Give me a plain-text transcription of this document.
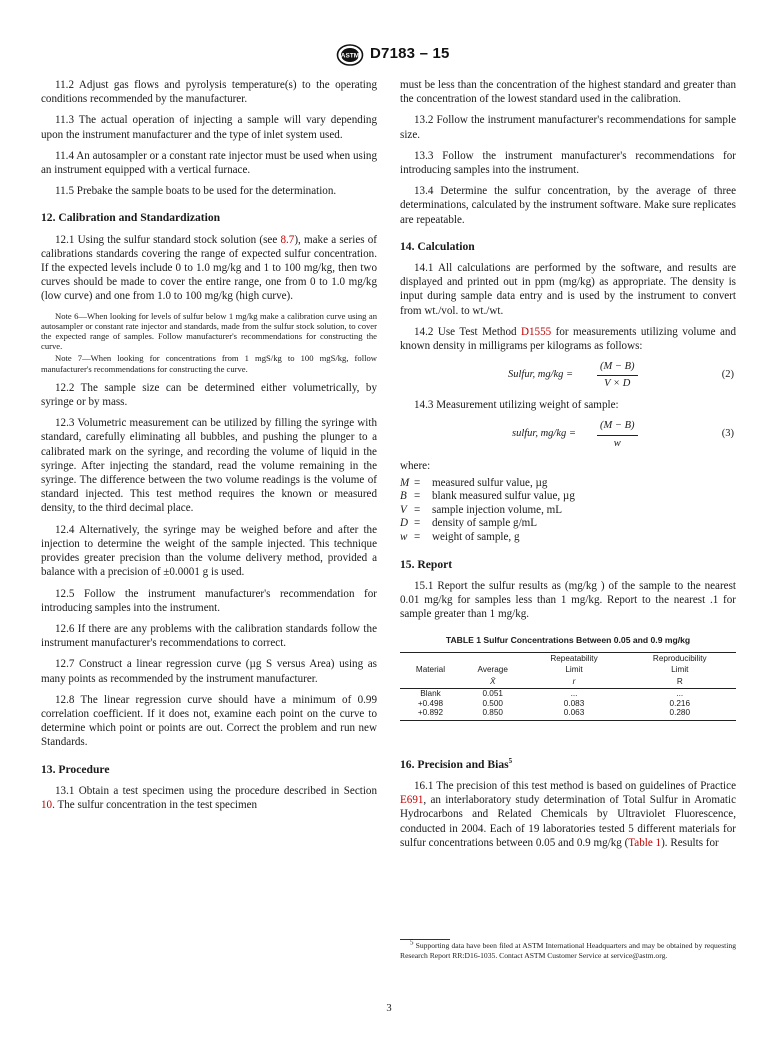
ASTM D7183 – 15

11.2 Adjust gas flows and pyrolysis temperature(s) to the operating conditions recommended by the manufacturer.

11.3 The actual operation of injecting a sample will vary depending upon the instrument manufacturer and the type of inlet system used.

11.4 An autosampler or a constant rate injector must be used when using an instrument equipped with a vertical furnace.

11.5 Prebake the sample boats to be used for the determination.

12. Calibration and Standardization

12.1 Using the sulfur standard stock solution (see 8.7), make a series of calibrations standards covering the range of expected sulfur concentration. If the expected levels include 0 to 1.0 mg/kg and 1 to 100 mg/kg, then two curves should be made to cover the entire range, one from 0 to 1.0 mg/kg (low curve) and one from 1.0 to 100 mg/kg (high curve).

Note 6—When looking for levels of sulfur below 1 mg/kg make a calibration curve using an autosampler or constant rate injector and standards, made from the sulfur stock solution, to cover the expected range of samples. Follow manufacturer's recommendations for constructing the curve.

Note 7—When looking for concentrations from 1 mgS/kg to 100 mgS/kg, follow manufacturer's recommendations for constructing the curve.

12.2 The sample size can be determined either volumetrically, by syringe or by mass.

12.3 Volumetric measurement can be utilized by filling the syringe with standard, carefully eliminating all bubbles, and pushing the plunger to a calibrated mark on the syringe, and recording the volume of liquid in the syringe. After injecting the standard, read the volume remaining in the syringe. The difference between the two volume readings is the volume of standard injected. This test method requires the known or measured density, to the third decimal place.

12.4 Alternatively, the syringe may be weighed before and after the injection to determine the weight of the sample injected. This technique provides greater precision than the volume delivery method, provided a balance with a precision of ±0.0001 g is used.

12.5 Follow the instrument manufacturer's recommendation for introducing samples into the instrument.

12.6 If there are any problems with the calibration standards follow the instrument manufacturer's recommendations to correct.

12.7 Construct a linear regression curve (µg S versus Area) using as many points as recommended by the instrument manufacturer.

12.8 The linear regression curve should have a minimum of 0.99 correlation coefficient. If it does not, examine each point on the curve to determine which point or points are out. Correct the problem and run new Standards.

13. Procedure

13.1 Obtain a test specimen using the procedure described in Section 10. The sulfur concentration in the test specimen

must be less than the concentration of the highest standard and greater than the concentration of the lowest standard used in the calibration.

13.2 Follow the instrument manufacturer's recommendations for sample size.

13.3 Follow the instrument manufacturer's recommendations for introducing samples into the instrument.

13.4 Determine the sulfur concentration, by the average of three determinations, calculated by the instrument software. Make sure replicates are repeatable.

14. Calculation

14.1 All calculations are performed by the software, and results are displayed and printed out in ppm (mg/kg) as appropriate. The density is input during sample data entry and is used by the instrument to convert from wt./vol. to wt./wt.

14.2 Use Test Method D1555 for measurements utilizing volume and known density in milligrams per kilograms as follows:

Sulfur, $mg/kg = \frac{(M - B)}{V \times D}$	(2)

14.3 Measurement utilizing weight of sample:

sulfur, $mg/kg = \frac{(M - B)}{w}$	(3)

where:

M =	measured sulfur value, µg
B =	blank measured sulfur value, µg
V =	sample injection volume, mL
D =	density of sample g/mL
w =	weight of sample, g
15. Report

15.1 Report the sulfur results as (mg/kg ) of the sample to the nearest 0.01 mg/kg for samples less than 1 mg/kg. Report to the nearest .1 for sample greater than 1 mg/kg.

TABLE 1 Sulfur Concentrations Between 0.05 and 0.9 mg/kg
		Repeatability	Reproducibility
Material	Average	Limit	Limit
	X̄	r	R
Blank	0.051	...	...
+0.498	0.500	0.083	0.216
+0.892	0.850	0.063	0.280
16. Precision and Bias$^5$

16.1 The precision of this test method is based on guidelines of Practice E691, an interlaboratory study determination of Total Sulfur in Aromatic Hydrocarbons and Related Chemicals by Ultraviolet Fluorescence, conducted in 2004. Each of 19 laboratories tested 5 different materials for sulfur concentrations between 0.05 and 0.9 mg/kg (Table 1). Results for

$^5$ Supporting data have been filed at ASTM International Headquarters and may be obtained by requesting Research Report RR:D16-1035. Contact ASTM Customer Service at service@astm.org.
3
